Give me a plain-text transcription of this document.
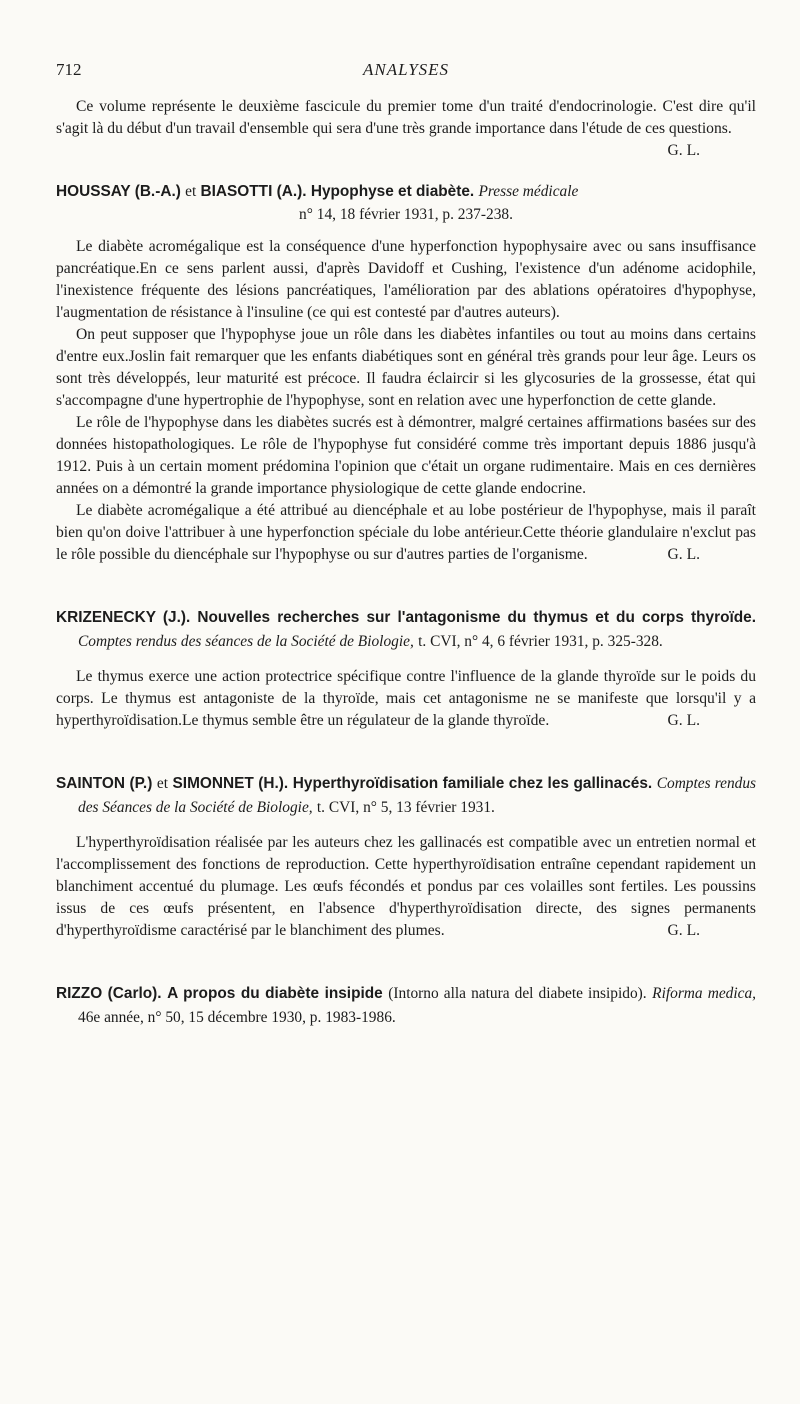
712	ANALYSES

Ce volume représente le deuxième fascicule du premier tome d'un traité d'endocrinologie. C'est dire qu'il s'agit là du début d'un travail d'ensemble qui sera d'une très grande importance dans l'étude de ces questions.
G. L.

HOUSSAY (B.-A.) et BIASOTTI (A.). Hypophyse et diabète. Presse médicale

n° 14, 18 février 1931, p. 237-238.

Le diabète acromégalique est la conséquence d'une hyperfonction hypophysaire avec ou sans insuffisance pancréatique.En ce sens parlent aussi, d'après Davidoff et Cushing, l'existence d'un adénome acidophile, l'inexistence fréquente des lésions pancréatiques, l'amélioration par des ablations opératoires d'hypophyse, l'augmentation de résistance à l'insuline (ce qui est contesté par d'autres auteurs).

On peut supposer que l'hypophyse joue un rôle dans les diabètes infantiles ou tout au moins dans certains d'entre eux.Joslin fait remarquer que les enfants diabétiques sont en général très grands pour leur âge. Leurs os sont très développés, leur maturité est précoce. Il faudra éclaircir si les glycosuries de la grossesse, état qui s'accompagne d'une hypertrophie de l'hypophyse, sont en relation avec une hyperfonction de cette glande.

Le rôle de l'hypophyse dans les diabètes sucrés est à démontrer, malgré certaines affirmations basées sur des données histopathologiques. Le rôle de l'hypophyse fut considéré comme très important depuis 1886 jusqu'à 1912. Puis à un certain moment prédomina l'opinion que c'était un organe rudimentaire. Mais en ces dernières années on a démontré la grande importance physiologique de cette glande endocrine.

Le diabète acromégalique a été attribué au diencéphale et au lobe postérieur de l'hypophyse, mais il paraît bien qu'on doive l'attribuer à une hyperfonction spéciale du lobe antérieur.Cette théorie glandulaire n'exclut pas le rôle possible du diencéphale sur l'hypophyse ou sur d'autres parties de l'organisme.	G. L.

KRIZENECKY (J.). Nouvelles recherches sur l'antagonisme du thymus et du corps thyroïde. Comptes rendus des séances de la Société de Biologie, t. CVI, n° 4, 6 février 1931, p. 325-328.

Le thymus exerce une action protectrice spécifique contre l'influence de la glande thyroïde sur le poids du corps. Le thymus est antagoniste de la thyroïde, mais cet antagonisme ne se manifeste que lorsqu'il y a hyperthyroïdisation.Le thymus semble être un régulateur de la glande thyroïde.	G. L.

SAINTON (P.) et SIMONNET (H.). Hyperthyroïdisation familiale chez les gallinacés. Comptes rendus des Séances de la Société de Biologie, t. CVI, n° 5, 13 février 1931.

L'hyperthyroïdisation réalisée par les auteurs chez les gallinacés est compatible avec un entretien normal et l'accomplissement des fonctions de reproduction. Cette hyperthyroïdisation entraîne cependant rapidement un blanchiment accentué du plumage. Les œufs fécondés et pondus par ces volailles sont fertiles. Les poussins issus de ces œufs présentent, en l'absence d'hyperthyroïdisation directe, des signes permanents d'hyperthyroïdisme caractérisé par le blanchiment des plumes.	G. L.

RIZZO (Carlo). A propos du diabète insipide (Intorno alla natura del diabete insipido). Riforma medica, 46e année, n° 50, 15 décembre 1930, p. 1983-1986.
